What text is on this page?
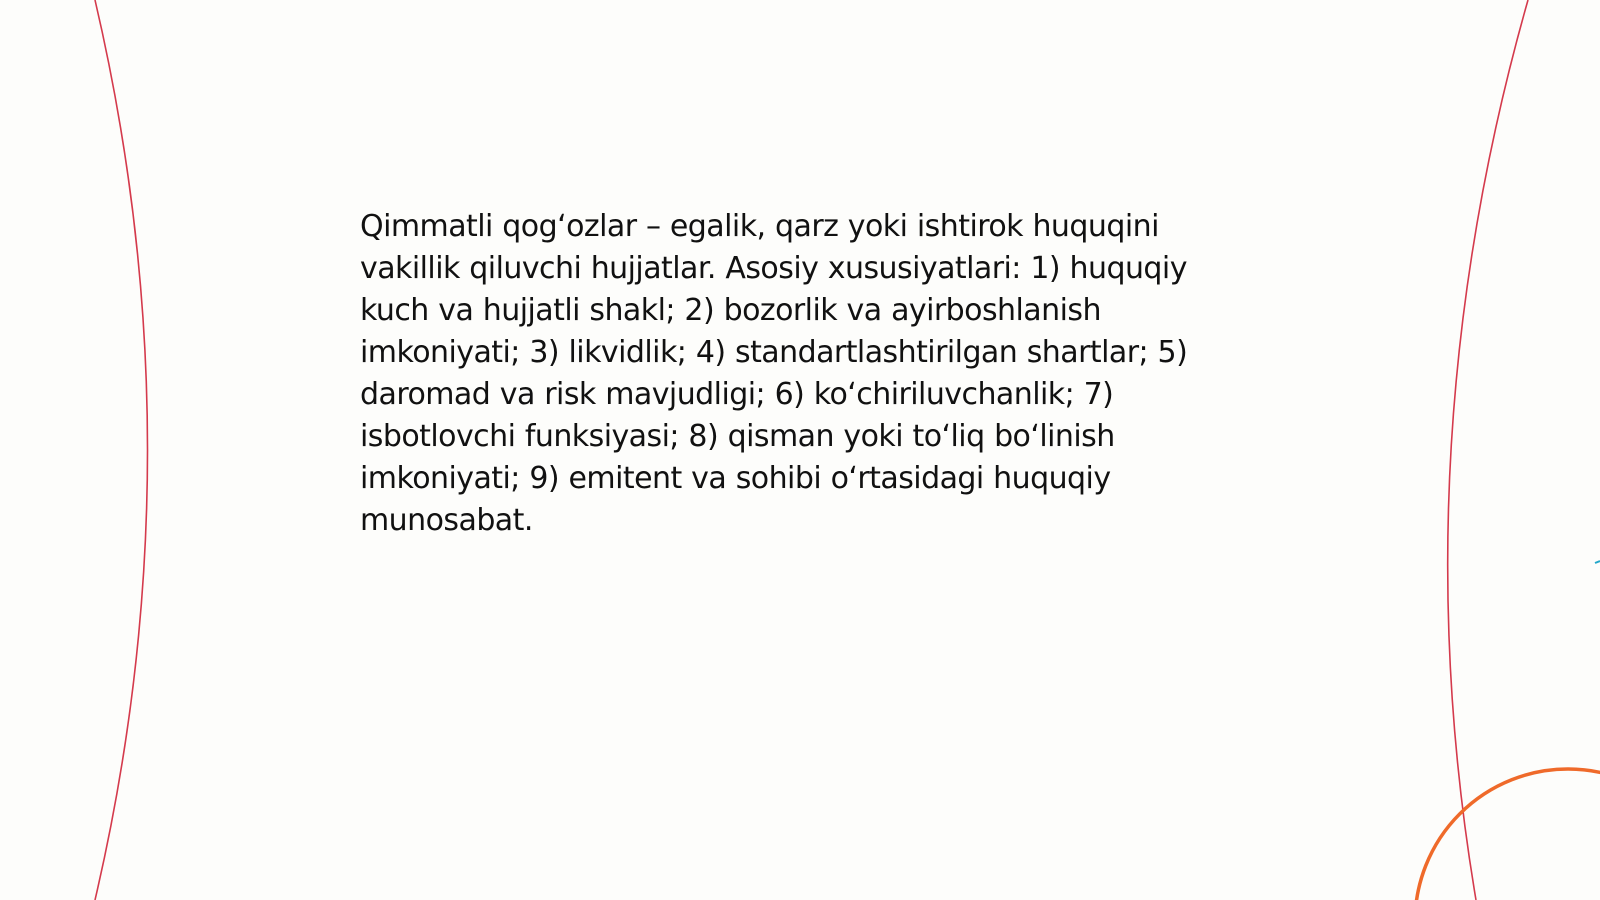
Qimmatli qog‘ozlar – egalik, qarz yoki ishtirok huquqini vakillik qiluvchi hujjatlar. Asosiy xususiyatlari: 1) huquqiy kuch va hujjatli shakl; 2) bozorlik va ayirboshlanish imkoniyati; 3) likvidlik; 4) standartlashtirilgan shartlar; 5) daromad va risk mavjudligi; 6) ko‘chiriluvchanlik; 7) isbotlovchi funksiyasi; 8) qisman yoki to‘liq bo‘linish imkoniyati; 9) emitent va sohibi o‘rtasidagi huquqiy munosabat.
